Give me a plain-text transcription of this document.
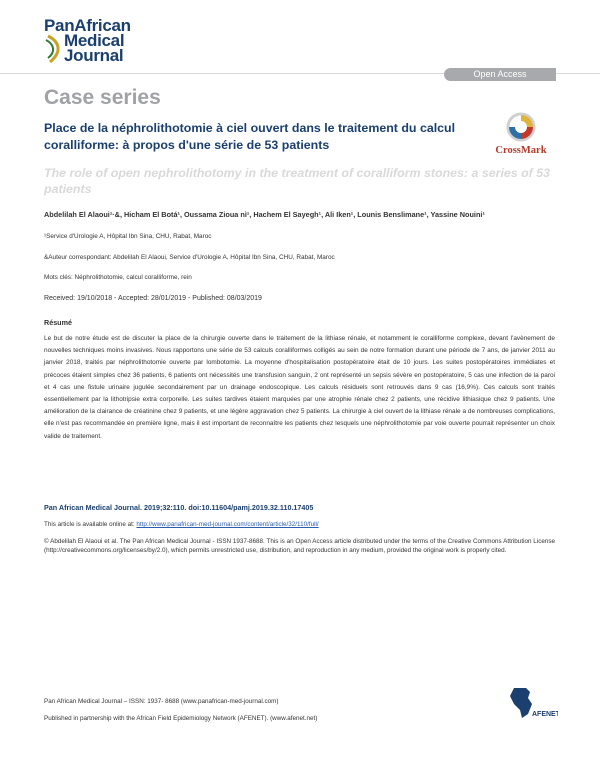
PanAfrican
Medical
Journal
Open Access
Case series
Place de la néphrolithotomie à ciel ouvert dans le traitement du calcul coralliforme: à propos d'une série de 53 patients	CrossMark
The role of open nephrolithotomy in the treatment of coralliform stones: a series of 53 patients
Abdelilah El Alaoui¹·&, Hicham El Botá¹, Oussama Zioua nì¹, Hachem El Sayegh¹, Ali Iken¹, Lounis Benslimane¹, Yassine Nouini¹
¹Service d'Urologie A, Hôpital Ibn Sina, CHU, Rabat, Maroc
&Auteur correspondant: Abdelilah El Alaoui, Service d'Urologie A, Hôpital Ibn Sina, CHU, Rabat, Maroc
Mots clés: Néphrolithotomie, calcul coralliforme, rein
Received: 19/10/2018 - Accepted: 28/01/2019 - Published: 08/03/2019
Résumé
Le but de notre étude est de discuter la place de la chirurgie ouverte dans le traitement de la lithiase rénale, et notamment le coralliforme complexe, devant l'avènement de nouvelles techniques moins invasives. Nous rapportons une série de 53 calculs coralliformes colligés au sein de notre formation durant une période de 7 ans, de janvier 2011 au janvier 2018, traités par néphrolithotomie ouverte par lombotomie. La moyenne d'hospitalisation postopératoire était de 10 jours. Les suites postopératoires immédiates et précoces étaient simples chez 36 patients, 6 patients ont nécessités une transfusion sanguin, 2 ont représenté un sepsis sévère en postopératoire, 5 cas une infection de la paroi et 4 cas une fistule urinaire jugulée secondairement par un drainage endoscopique. Les calculs résiduels sont retrouvés dans 9 cas (16,9%). Ces calculs sont traités essentiellement par la lithotripsie extra corporelle. Les suites tardives étaient marquées par une atrophie rénale chez 2 patients, une récidive lithiasique chez 9 patients. Une amélioration de la clairance de créatinine chez 9 patients, et une légère aggravation chez 5 patients. La chirurgie à ciel ouvert de la lithiase rénale a de nombreuses complications, elle n'est pas recommandée en première ligne, mais il est important de reconnaître les patients chez lesquels une néphrolithotomie par voie ouverte pourrait représenter un choix valide de traitement.
Pan African Medical Journal. 2019;32:110. doi:10.11604/pamj.2019.32.110.17405
This article is available online at: http://www.panafrican-med-journal.com/content/article/32/110/full/
© Abdelilah El Alaoui et al. The Pan African Medical Journal - ISSN 1937-8688. This is an Open Access article distributed under the terms of the Creative Commons Attribution License (http://creativecommons.org/licenses/by/2.0), which permits unrestricted use, distribution, and reproduction in any medium, provided the original work is properly cited.
Pan African Medical Journal – ISSN: 1937- 8688 (www.panafrican-med-journal.com)
Published in partnership with the African Field Epidemiology Network (AFENET). (www.afenet.net)
AFENET
